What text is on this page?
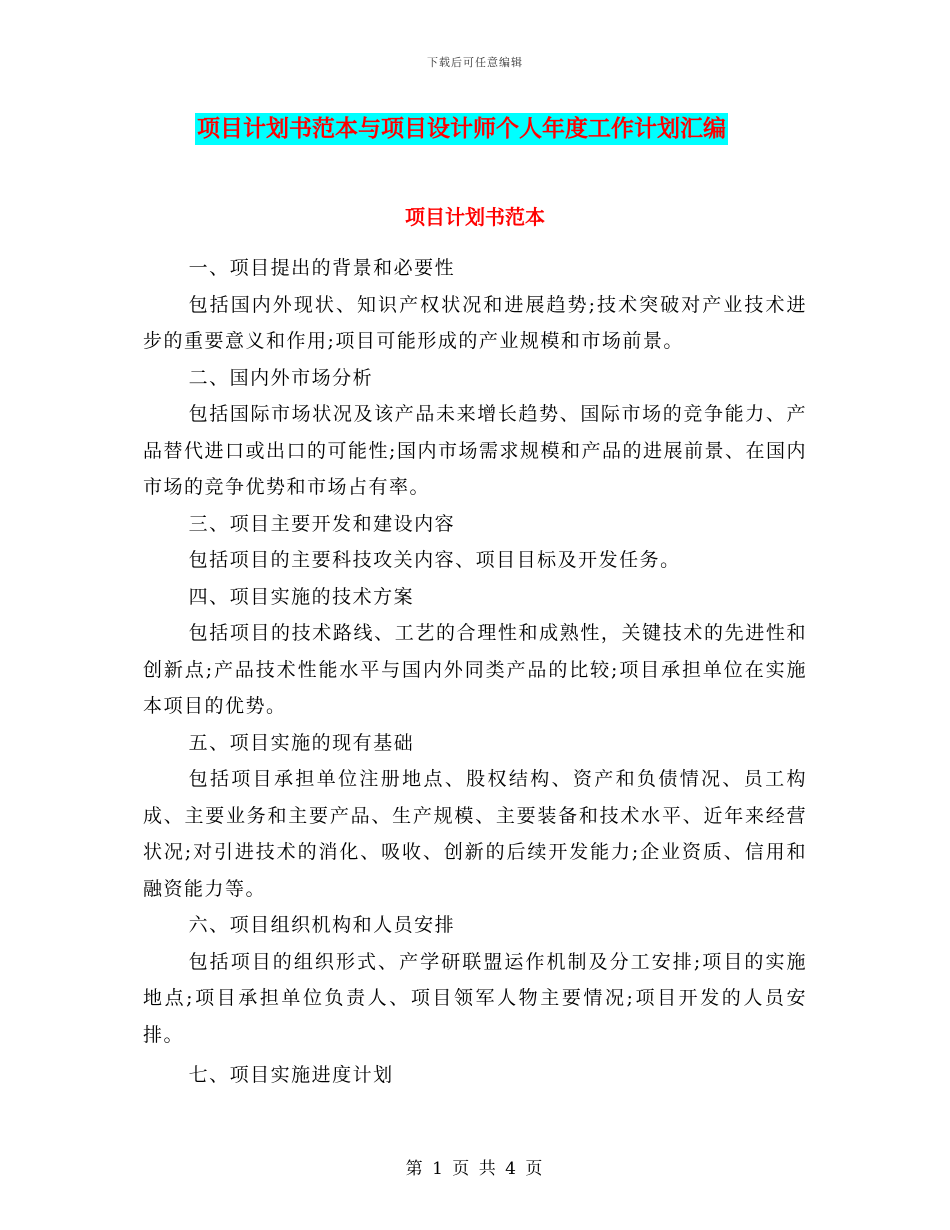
下载后可任意编辑
项目计划书范本与项目设计师个人年度工作计划汇编
项目计划书范本

一、项目提出的背景和必要性

包括国内外现状、知识产权状况和进展趋势;技术突破对产业技术进步的重要意义和作用;项目可能形成的产业规模和市场前景。

二、国内外市场分析

包括国际市场状况及该产品未来增长趋势、国际市场的竞争能力、产品替代进口或出口的可能性;国内市场需求规模和产品的进展前景、在国内市场的竞争优势和市场占有率。

三、项目主要开发和建设内容

包括项目的主要科技攻关内容、项目目标及开发任务。

四、项目实施的技术方案

包括项目的技术路线、工艺的合理性和成熟性，关键技术的先进性和创新点;产品技术性能水平与国内外同类产品的比较;项目承担单位在实施本项目的优势。

五、项目实施的现有基础

包括项目承担单位注册地点、股权结构、资产和负债情况、员工构成、主要业务和主要产品、生产规模、主要装备和技术水平、近年来经营状况;对引进技术的消化、吸收、创新的后续开发能力;企业资质、信用和融资能力等。

六、项目组织机构和人员安排

包括项目的组织形式、产学研联盟运作机制及分工安排;项目的实施地点;项目承担单位负责人、项目领军人物主要情况;项目开发的人员安排。

七、项目实施进度计划

第 1 页 共 4 页
